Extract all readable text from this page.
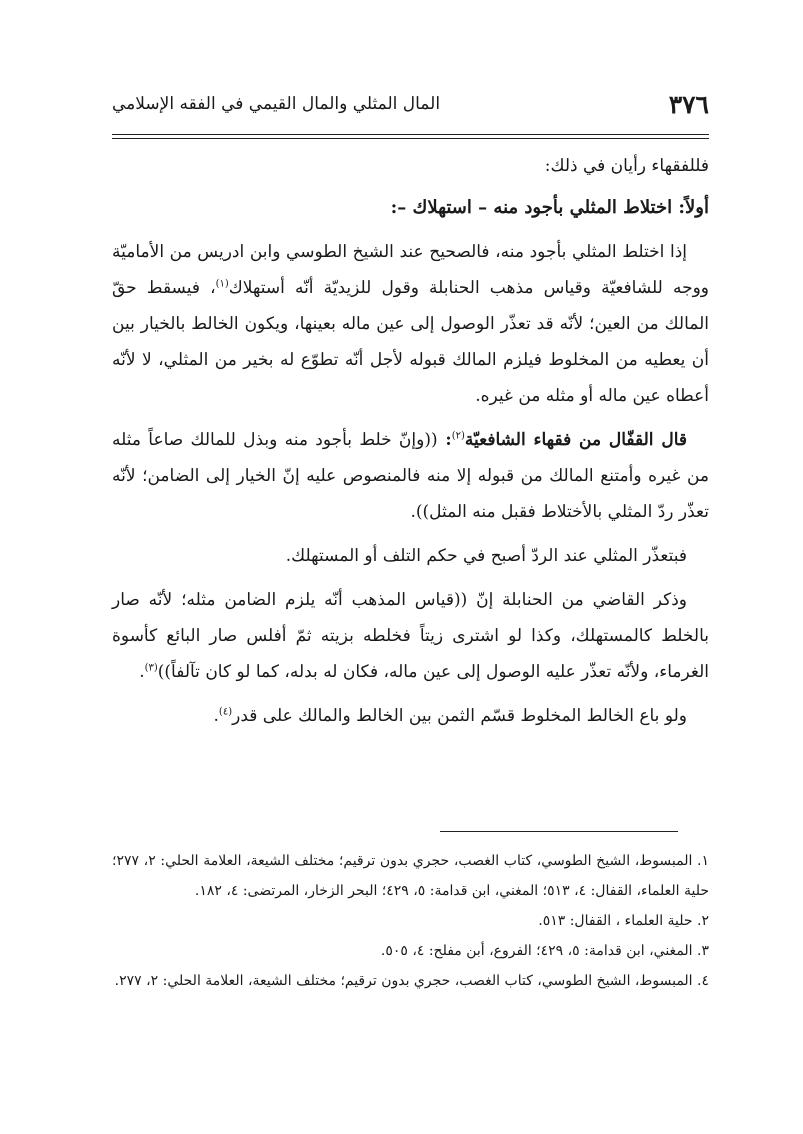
٣٧٦
المال المثلي والمال القيمي في الفقه الإسلامي

فللفقهاء رأيان في ذلك:

أولاً: اختلاط المثلي بأجود منه – استهلاك –:

إذا اختلط المثلي بأجود منه، فالصحيح عند الشيخ الطوسي وابن ادريس من الأماميّة ووجه للشافعيّة وقياس مذهب الحنابلة وقول للزيديّة أنّه أستهلاك$^{(١)}$، فيسقط حقّ المالك من العين؛ لأنّه قد تعذّر الوصول إلى عين ماله بعينها، ويكون الخالط بالخيار بين أن يعطيه من المخلوط فيلزم المالك قبوله لأجل أنّه تطوّع له بخير من المثلي، لا لأنّه أعطاه عين ماله أو مثله من غيره.

قال القفّال من فقهاء الشافعيّة$^{(٢)}$: ((وإنّ خلط بأجود منه وبذل للمالك صاعاً مثله من غيره وأمتنع المالك من قبوله إلا منه فالمنصوص عليه إنّ الخيار إلى الضامن؛ لأنّه تعذّر ردّ المثلي بالأختلاط فقبل منه المثل)).

فبتعذّر المثلي عند الردّ أصبح في حكم التلف أو المستهلك.

وذكر القاضي من الحنابلة إنّ ((قياس المذهب أنّه يلزم الضامن مثله؛ لأنّه صار بالخلط كالمستهلك، وكذا لو اشترى زيتاً فخلطه بزيته ثمّ أفلس صار البائع كأسوة الغرماء، ولأنّه تعذّر عليه الوصول إلى عين ماله، فكان له بدله، كما لو كان تآلفاً))$^{(٣)}$.

ولو باع الخالط المخلوط قسّم الثمن بين الخالط والمالك على قدر$^{(٤)}$.

١. المبسوط، الشيخ الطوسي، كتاب الغصب، حجري بدون ترقيم؛ مختلف الشيعة، العلامة الحلي: ٢، ٢٧٧؛ حلية العلماء، القفال: ٤، ٥١٣؛ المغني، ابن قدامة: ٥، ٤٢٩؛ البحر الزخار، المرتضى: ٤، ١٨٢.

٢. حلية العلماء ، القفال: ٥١٣.

٣. المغني، ابن قدامة: ٥، ٤٢٩؛ الفروع، أبن مفلح: ٤، ٥٠٥.

٤. المبسوط، الشيخ الطوسي، كتاب الغصب، حجري بدون ترقيم؛ مختلف الشيعة، العلامة الحلي: ٢، ٢٧٧.
